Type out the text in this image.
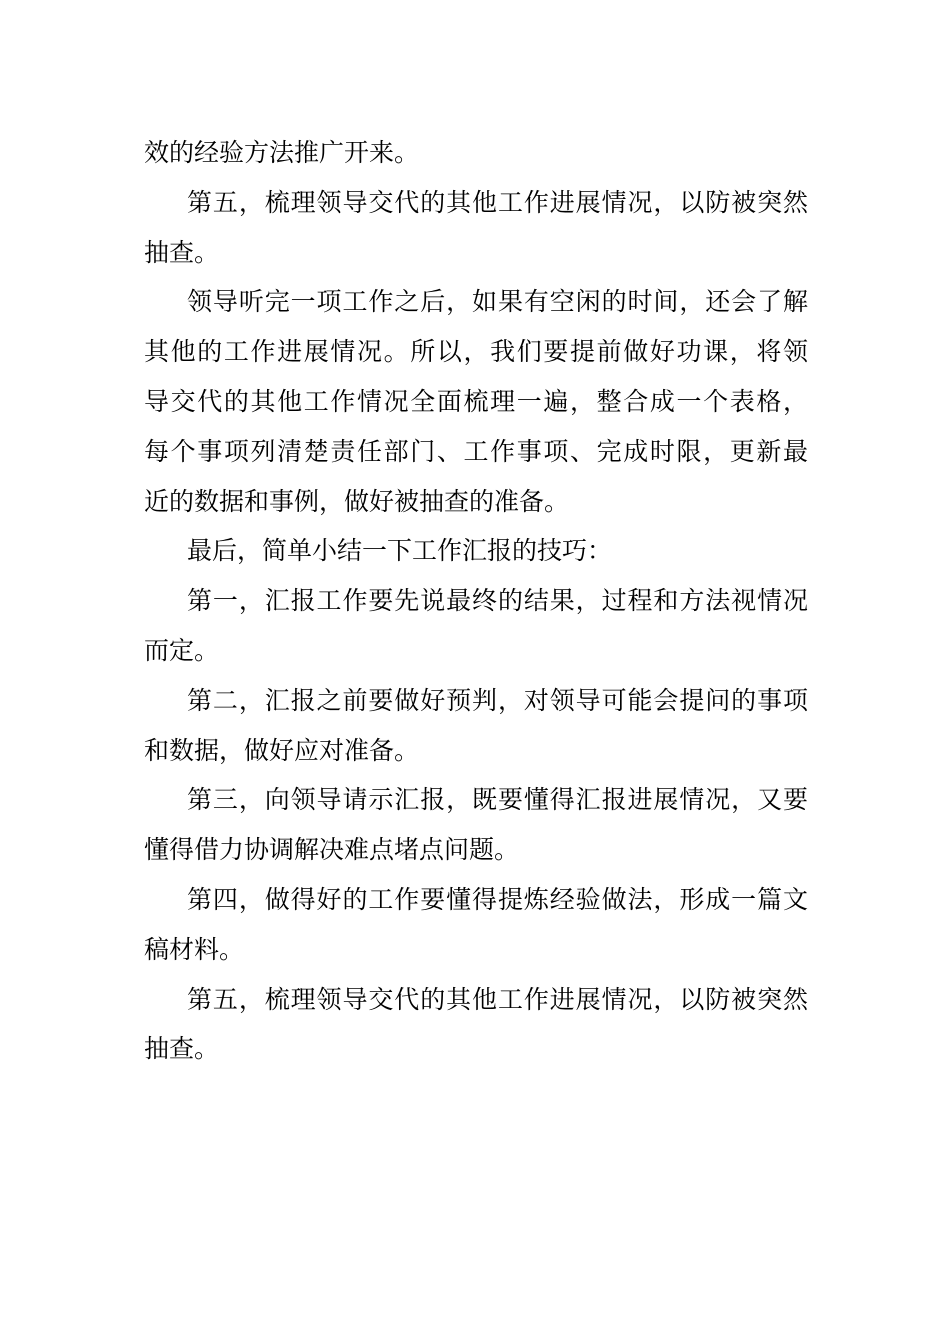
效的经验方法推广开来。

第五，梳理领导交代的其他工作进展情况，以防被突然
抽查。

领导听完一项工作之后，如果有空闲的时间，还会了解
其他的工作进展情况。所以，我们要提前做好功课，将领
导交代的其他工作情况全面梳理一遍，整合成一个表格，
每个事项列清楚责任部门、工作事项、完成时限，更新最
近的数据和事例，做好被抽查的准备。

最后，简单小结一下工作汇报的技巧：

第一，汇报工作要先说最终的结果，过程和方法视情况
而定。

第二，汇报之前要做好预判，对领导可能会提问的事项
和数据，做好应对准备。

第三，向领导请示汇报，既要懂得汇报进展情况，又要
懂得借力协调解决难点堵点问题。

第四，做得好的工作要懂得提炼经验做法，形成一篇文
稿材料。

第五，梳理领导交代的其他工作进展情况，以防被突然
抽查。
